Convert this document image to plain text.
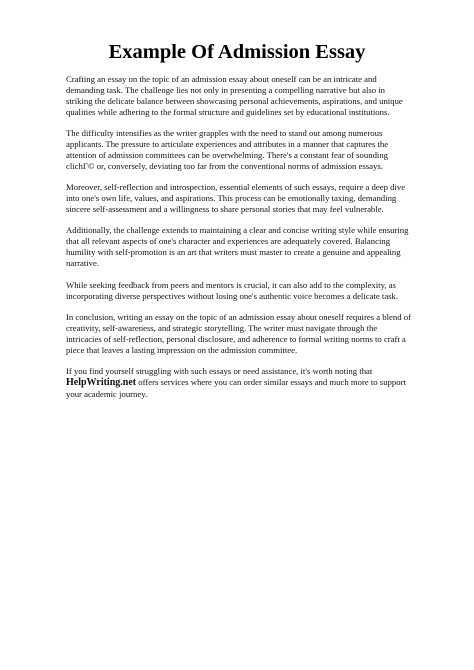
Example Of Admission Essay

Crafting an essay on the topic of an admission essay about oneself can be an intricate and demanding task. The challenge lies not only in presenting a compelling narrative but also in striking the delicate balance between showcasing personal achievements, aspirations, and unique qualities while adhering to the formal structure and guidelines set by educational institutions.

The difficulty intensifies as the writer grapples with the need to stand out among numerous applicants. The pressure to articulate experiences and attributes in a manner that captures the attention of admission committees can be overwhelming. There's a constant fear of sounding clichΓ© or, conversely, deviating too far from the conventional norms of admission essays.

Moreover, self-reflection and introspection, essential elements of such essays, require a deep dive into one's own life, values, and aspirations. This process can be emotionally taxing, demanding sincere self-assessment and a willingness to share personal stories that may feel vulnerable.

Additionally, the challenge extends to maintaining a clear and concise writing style while ensuring that all relevant aspects of one's character and experiences are adequately covered. Balancing humility with self-promotion is an art that writers must master to create a genuine and appealing narrative.

While seeking feedback from peers and mentors is crucial, it can also add to the complexity, as incorporating diverse perspectives without losing one's authentic voice becomes a delicate task.

In conclusion, writing an essay on the topic of an admission essay about oneself requires a blend of creativity, self-awareness, and strategic storytelling. The writer must navigate through the intricacies of self-reflection, personal disclosure, and adherence to formal writing norms to craft a piece that leaves a lasting impression on the admission committee.

If you find yourself struggling with such essays or need assistance, it's worth noting that
HelpWriting.net offers services where you can order similar essays and much more to support your academic journey.
